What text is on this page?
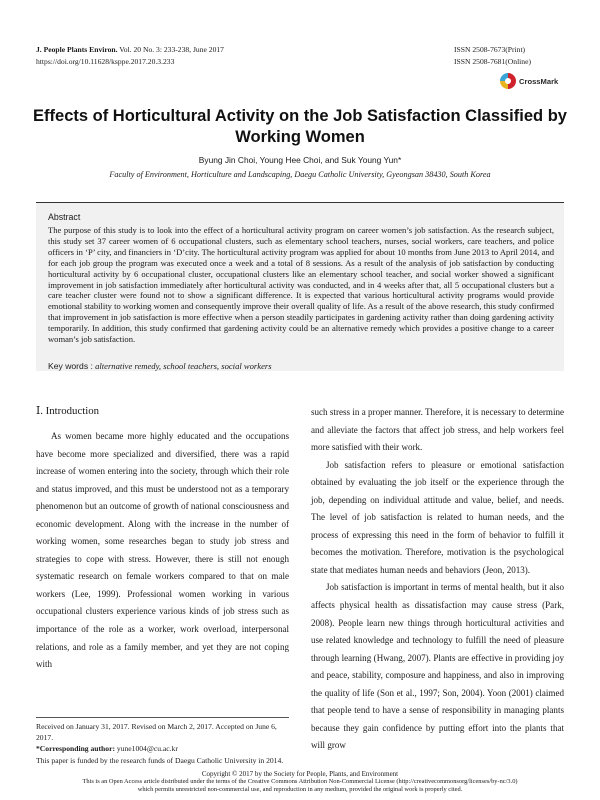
J. People Plants Environ. Vol. 20 No. 3: 233-238, June 2017
https://doi.org/10.11628/ksppe.2017.20.3.233
ISSN 2508-7673(Print)
ISSN 2508-7681(Online)
CrossMark
Effects of Horticultural Activity on the Job Satisfaction Classified by Working Women
Byung Jin Choi, Young Hee Choi, and Suk Young Yun*
Faculty of Environment, Horticulture and Landscaping, Daegu Catholic University, Gyeongsan 38430, South Korea
Abstract
The purpose of this study is to look into the effect of a horticultural activity program on career women’s job satisfaction. As the research subject, this study set 37 career women of 6 occupational clusters, such as elementary school teachers, nurses, social workers, care teachers, and police officers in ‘P’ city, and financiers in ‘D’city. The horticultural activity program was applied for about 10 months from June 2013 to April 2014, and for each job group the program was executed once a week and a total of 8 sessions. As a result of the analysis of job satisfaction by conducting horticultural activity by 6 occupational cluster, occupational clusters like an elementary school teacher, and social worker showed a significant improvement in job satisfaction immediately after horticultural activity was conducted, and in 4 weeks after that, all 5 occupational clusters but a care teacher cluster were found not to show a significant difference. It is expected that various horticultural activity programs would provide emotional stability to working women and consequently improve their overall quality of life. As a result of the above research, this study confirmed that improvement in job satisfaction is more effective when a person steadily participates in gardening activity rather than doing gardening activity temporarily. In addition, this study confirmed that gardening activity could be an alternative remedy which provides a positive change to a career woman’s job satisfaction.
Key words : alternative remedy, school teachers, social workers
Ⅰ. Introduction

As women became more highly educated and the occupations have become more specialized and diversified, there was a rapid increase of women entering into the society, through which their role and status improved, and this must be understood not as a temporary phenomenon but an outcome of growth of national consciousness and economic development. Along with the increase in the number of working women, some researches began to study job stress and strategies to cope with stress. However, there is still not enough systematic research on female workers compared to that on male workers (Lee, 1999). Professional women working in various occupational clusters experience various kinds of job stress such as importance of the role as a worker, work overload, interpersonal relations, and role as a family member, and yet they are not coping with

such stress in a proper manner. Therefore, it is necessary to determine and alleviate the factors that affect job stress, and help workers feel more satisfied with their work.

Job satisfaction refers to pleasure or emotional satisfaction obtained by evaluating the job itself or the experience through the job, depending on individual attitude and value, belief, and needs. The level of job satisfaction is related to human needs, and the process of expressing this need in the form of behavior to fulfill it becomes the motivation. Therefore, motivation is the psychological state that mediates human needs and behaviors (Jeon, 2013).

Job satisfaction is important in terms of mental health, but it also affects physical health as dissatisfaction may cause stress (Park, 2008). People learn new things through horticultural activities and use related knowledge and technology to fulfill the need of pleasure through learning (Hwang, 2007). Plants are effective in providing joy and peace, stability, composure and happiness, and also in improving the quality of life (Son et al., 1997; Son, 2004). Yoon (2001) claimed that people tend to have a sense of responsibility in managing plants because they gain confidence by putting effort into the plants that will grow

Received on January 31, 2017. Revised on March 2, 2017. Accepted on June 6, 2017.
*Corresponding author: yune1004@cu.ac.kr
This paper is funded by the research funds of Daegu Catholic University in 2014.
Copyright © 2017 by the Society for People, Plants, and Environment
This is an Open Access article distributed under the terms of the Creative Commons Attribution Non-Commercial License (http://creativecommonsorg/licenses/by-nc/3.0)
which permits unrestricted non-commercial use, and reproduction in any medium, provided the original work is properly cited.
